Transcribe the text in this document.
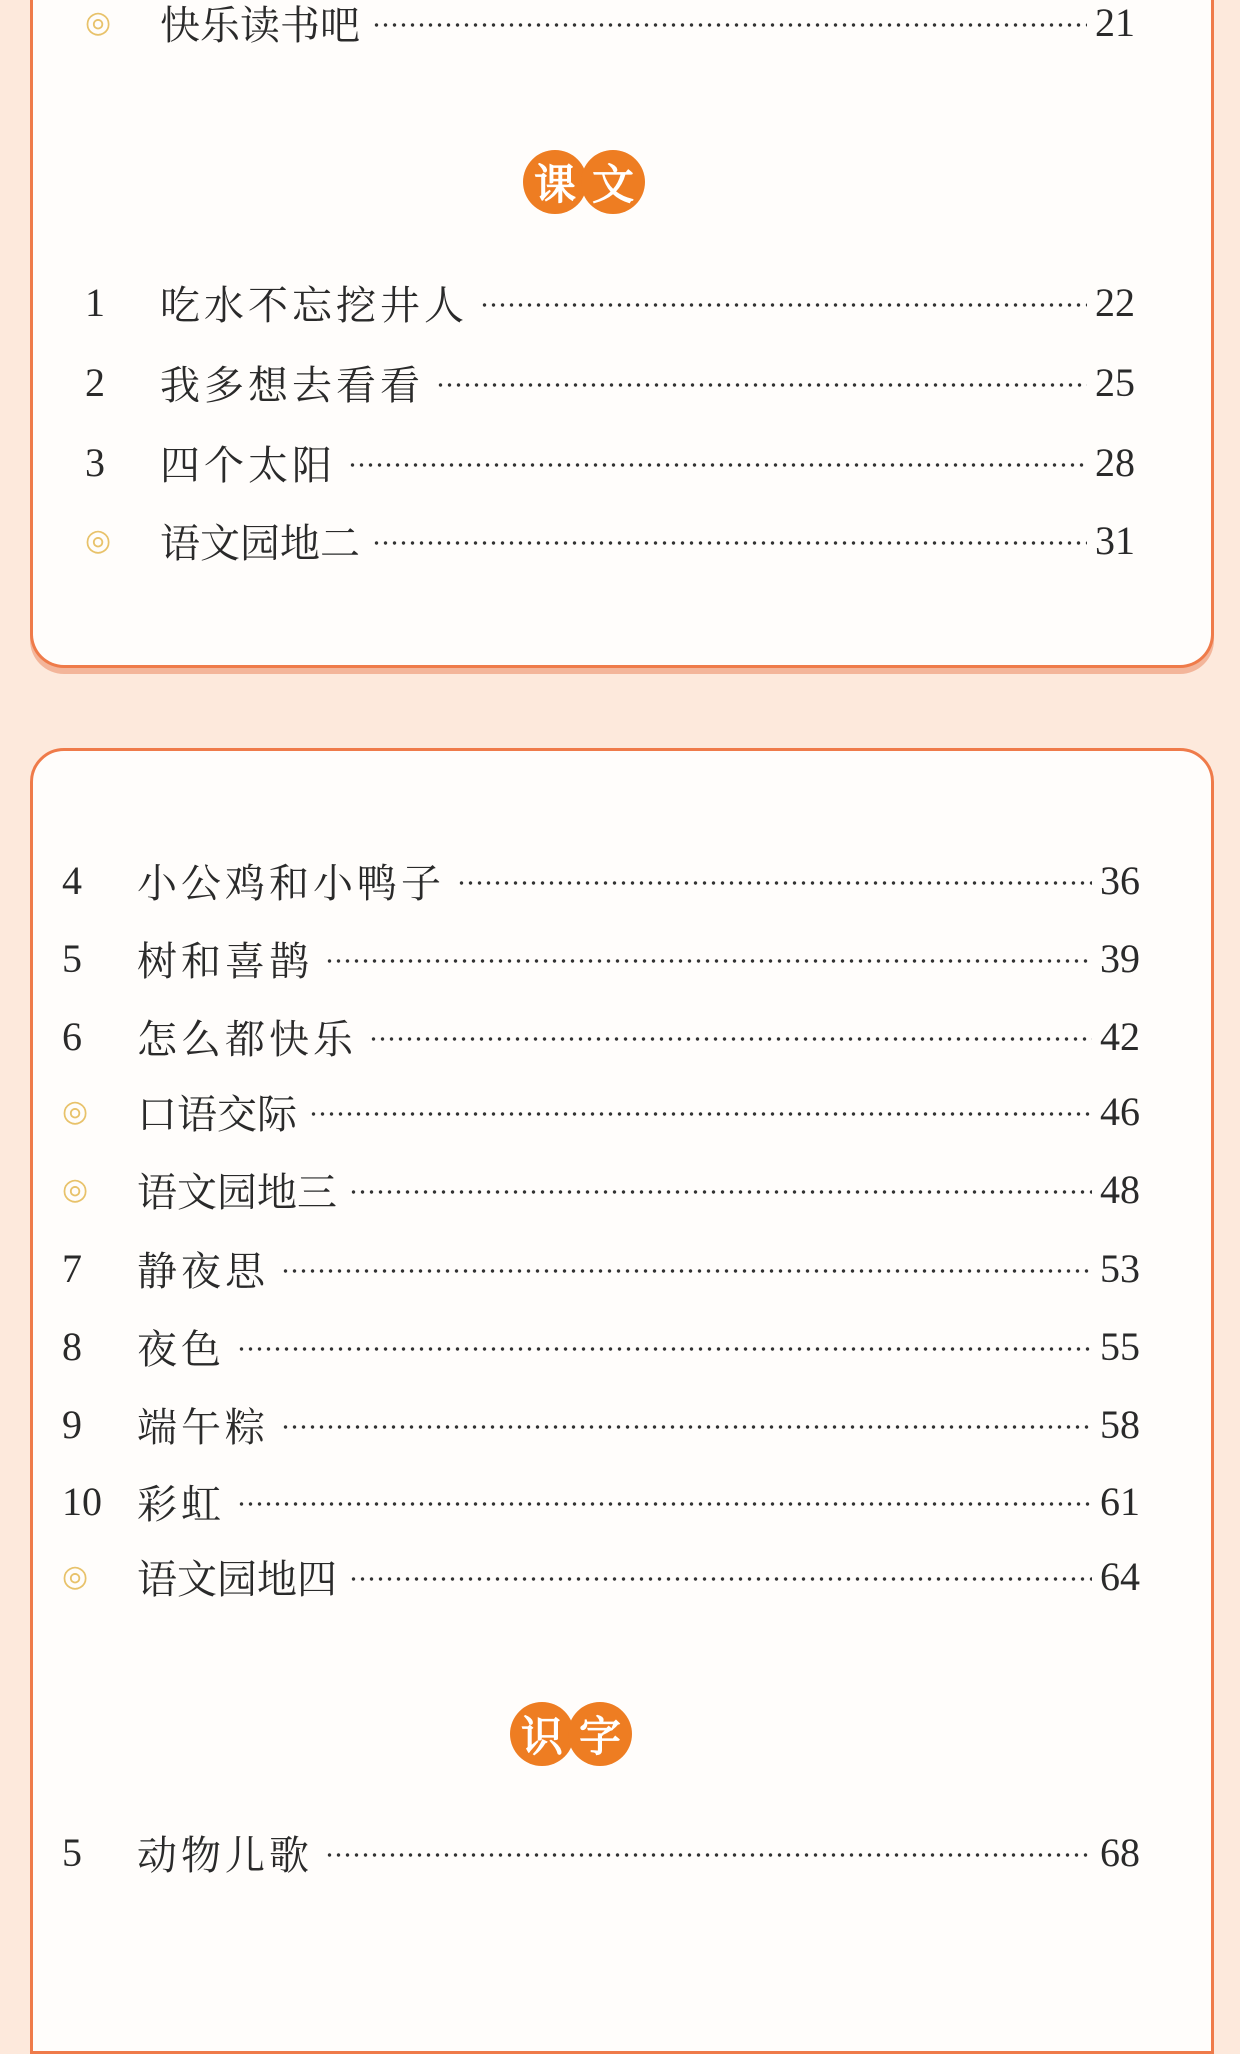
◎	快乐读书吧	21
课 文
1	吃水不忘挖井人	22
2	我多想去看看	25
3	四个太阳	28
◎	语文园地二	31
4	小公鸡和小鸭子	36
5	树和喜鹊	39
6	怎么都快乐	42
◎	口语交际	46
◎	语文园地三	48
7	静夜思	53
8	夜色	55
9	端午粽	58
10 彩虹	61
◎	语文园地四	64
识 字
5	动物儿歌	68
